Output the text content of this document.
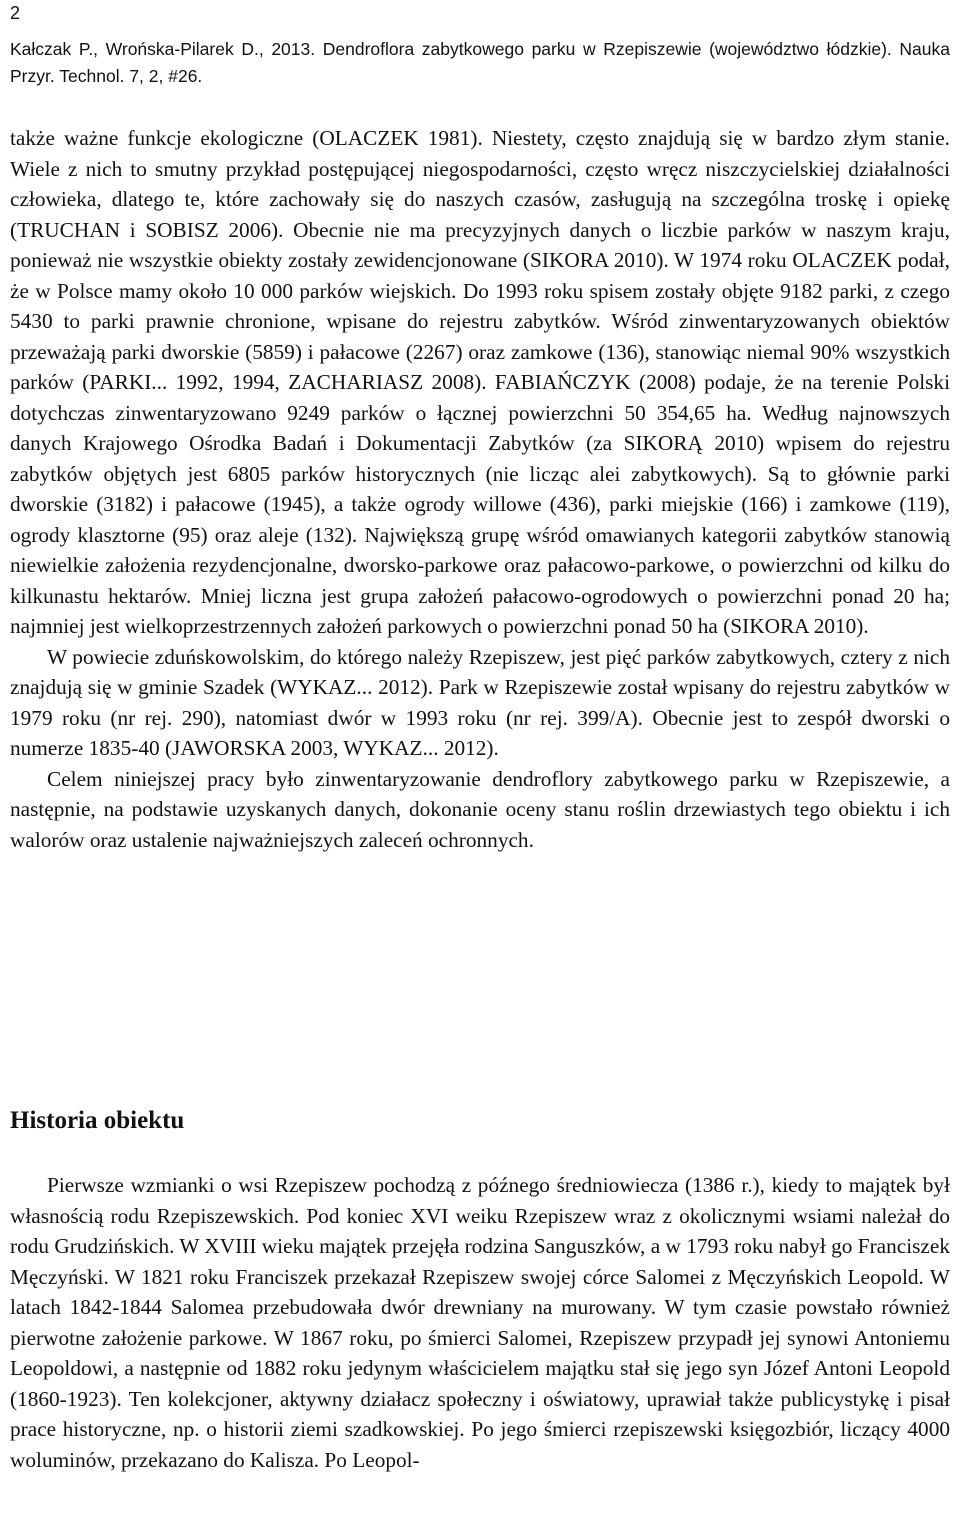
2
Kałczak P., Wrońska-Pilarek D., 2013. Dendroflora zabytkowego parku w Rzepiszewie (województwo łódzkie). Nauka Przyr. Technol. 7, 2, #26.

także ważne funkcje ekologiczne (OLACZEK 1981). Niestety, często znajdują się w bardzo złym stanie. Wiele z nich to smutny przykład postępującej niegospodarności, często wręcz niszczycielskiej działalności człowieka, dlatego te, które zachowały się do naszych czasów, zasługują na szczególna troskę i opiekę (TRUCHAN i SOBISZ 2006). Obecnie nie ma precyzyjnych danych o liczbie parków w naszym kraju, ponieważ nie wszystkie obiekty zostały zewidencjonowane (SIKORA 2010). W 1974 roku OLACZEK podał, że w Polsce mamy około 10 000 parków wiejskich. Do 1993 roku spisem zostały objęte 9182 parki, z czego 5430 to parki prawnie chronione, wpisane do rejestru zabytków. Wśród zinwentaryzowanych obiektów przeważają parki dworskie (5859) i pałacowe (2267) oraz zamkowe (136), stanowiąc niemal 90% wszystkich parków (PARKI... 1992, 1994, ZACHARIASZ 2008). FABIAŃCZYK (2008) podaje, że na terenie Polski dotychczas zinwentaryzowano 9249 parków o łącznej powierzchni 50 354,65 ha. Według najnowszych danych Krajowego Ośrodka Badań i Dokumentacji Zabytków (za SIKORĄ 2010) wpisem do rejestru zabytków objętych jest 6805 parków historycznych (nie licząc alei zabytkowych). Są to głównie parki dworskie (3182) i pałacowe (1945), a także ogrody willowe (436), parki miejskie (166) i zamkowe (119), ogrody klasztorne (95) oraz aleje (132). Największą grupę wśród omawianych kategorii zabytków stanowią niewielkie założenia rezydencjonalne, dworsko-parkowe oraz pałacowo-parkowe, o powierzchni od kilku do kilkunastu hektarów. Mniej liczna jest grupa założeń pałacowo-ogrodowych o powierzchni ponad 20 ha; najmniej jest wielkoprzestrzennych założeń parkowych o powierzchni ponad 50 ha (SIKORA 2010).

W powiecie zduńskowolskim, do którego należy Rzepiszew, jest pięć parków zabytkowych, cztery z nich znajdują się w gminie Szadek (WYKAZ... 2012). Park w Rzepiszewie został wpisany do rejestru zabytków w 1979 roku (nr rej. 290), natomiast dwór w 1993 roku (nr rej. 399/A). Obecnie jest to zespół dworski o numerze 1835-40 (JAWORSKA 2003, WYKAZ... 2012).

Celem niniejszej pracy było zinwentaryzowanie dendroflory zabytkowego parku w Rzepiszewie, a następnie, na podstawie uzyskanych danych, dokonanie oceny stanu roślin drzewiastych tego obiektu i ich walorów oraz ustalenie najważniejszych zaleceń ochronnych.

Historia obiektu

Pierwsze wzmianki o wsi Rzepiszew pochodzą z późnego średniowiecza (1386 r.), kiedy to majątek był własnością rodu Rzepiszewskich. Pod koniec XVI weiku Rzepiszew wraz z okolicznymi wsiami należał do rodu Grudzińskich. W XVIII wieku majątek przejęła rodzina Sanguszków, a w 1793 roku nabył go Franciszek Męczyński. W 1821 roku Franciszek przekazał Rzepiszew swojej córce Salomei z Męczyńskich Leopold. W latach 1842-1844 Salomea przebudowała dwór drewniany na murowany. W tym czasie powstało również pierwotne założenie parkowe. W 1867 roku, po śmierci Salomei, Rzepiszew przypadł jej synowi Antoniemu Leopoldowi, a następnie od 1882 roku jedynym właścicielem majątku stał się jego syn Józef Antoni Leopold (1860-1923). Ten kolekcjoner, aktywny działacz społeczny i oświatowy, uprawiał także publicystykę i pisał prace historyczne, np. o historii ziemi szadkowskiej. Po jego śmierci rzepiszewski księgozbiór, liczący 4000 woluminów, przekazano do Kalisza. Po Leopol-
